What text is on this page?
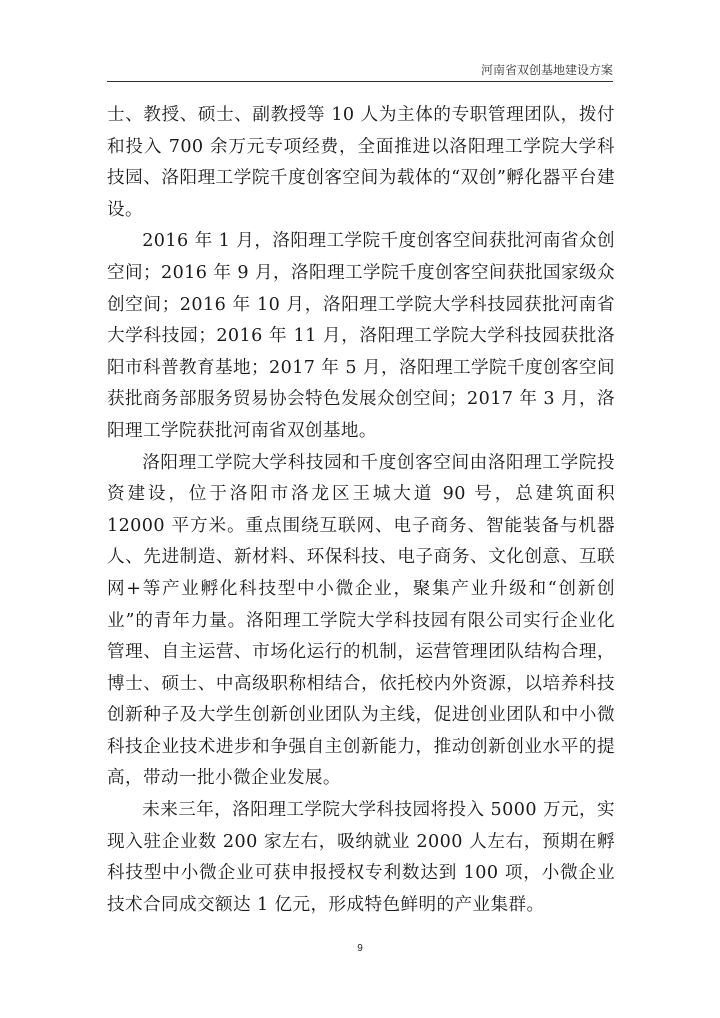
河南省双创基地建设方案

士、教授、硕士、副教授等 10 人为主体的专职管理团队，拨付和投入 700 余万元专项经费，全面推进以洛阳理工学院大学科技园、洛阳理工学院千度创客空间为载体的“双创”孵化器平台建设。

2016 年 1 月，洛阳理工学院千度创客空间获批河南省众创空间；2016 年 9 月，洛阳理工学院千度创客空间获批国家级众创空间；2016 年 10 月，洛阳理工学院大学科技园获批河南省大学科技园；2016 年 11 月，洛阳理工学院大学科技园获批洛阳市科普教育基地；2017 年 5 月，洛阳理工学院千度创客空间获批商务部服务贸易协会特色发展众创空间；2017 年 3 月，洛阳理工学院获批河南省双创基地。

洛阳理工学院大学科技园和千度创客空间由洛阳理工学院投资建设，位于洛阳市洛龙区王城大道 90 号，总建筑面积 12000 平方米。重点围绕互联网、电子商务、智能装备与机器人、先进制造、新材料、环保科技、电子商务、文化创意、互联网+等产业孵化科技型中小微企业，聚集产业升级和“创新创业”的青年力量。洛阳理工学院大学科技园有限公司实行企业化管理、自主运营、市场化运行的机制，运营管理团队结构合理，博士、硕士、中高级职称相结合，依托校内外资源，以培养科技创新种子及大学生创新创业团队为主线，促进创业团队和中小微科技企业技术进步和争强自主创新能力，推动创新创业水平的提高，带动一批小微企业发展。

未来三年，洛阳理工学院大学科技园将投入 5000 万元，实现入驻企业数 200 家左右，吸纳就业 2000 人左右，预期在孵科技型中小微企业可获申报授权专利数达到 100 项，小微企业技术合同成交额达 1 亿元，形成特色鲜明的产业集群。

9
